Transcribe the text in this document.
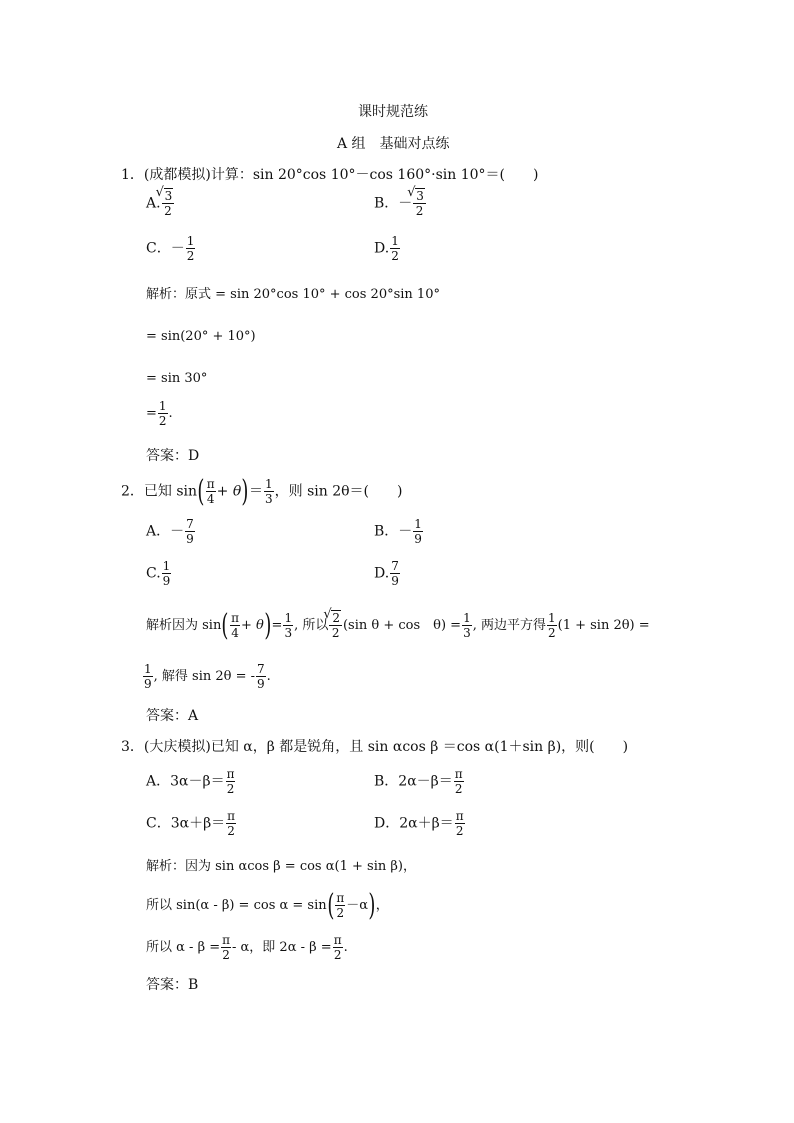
课时规范练
A 组　基础对点练
1．(成都模拟)计算：sin 20°cos 10°－cos 160°·sin 10°＝(　　)
A. √ $\frac{3}{2}$	B．－ √ $\frac{3}{2}$
C．－ $\frac{1}{2}$	D. $\frac{1}{2}$
解析：原式 = sin 20°cos 10° + cos 20°sin 10°
= sin(20° + 10°)
= sin 30°
= $\frac{1}{2}$ .
答案：D
2．已知 $\sin( \frac{\pi}{4} + \theta)= \frac{1}{3}$ ，则 sin 2θ＝(　　)
A．－ $\frac{7}{9}$	B．－ $\frac{1}{9}$
C. $\frac{1}{9}$	D. $\frac{7}{9}$
解析因为 $\sin( \frac{\pi}{4} + \theta)= \frac{1}{3}$ , 所以 √ $\frac{2}{2} (\sin$ θ + cos　$\theta) = \frac{1}{3}$ , 两边平方得 $\frac{1}{2} (1 + \sin 2\theta)$ =
$\frac{1}{9}$ , 解得 sin 2θ = - $\frac{7}{9}$ .
答案：A
3．(大庆模拟)已知 α，β 都是锐角，且 sin αcos β ＝cos α(1＋sin β)，则(　　)
A．$3\alpha-\beta= \frac{\pi}{2}$	B．$2\alpha-\beta= \frac{\pi}{2}$
C．$3\alpha+\beta= \frac{\pi}{2}$	D．$2\alpha+\beta= \frac{\pi}{2}$
解析：因为 sin αcos β = cos α(1 + sin β)，
所以 $\sin(\alpha - \beta) = \cos \alpha = \sin( \frac{\pi}{2} -\alpha)$，
所以 $\alpha - \beta = \frac{\pi}{2} - \alpha$，即 $2\alpha - \beta = \frac{\pi}{2}$ .
答案：B
